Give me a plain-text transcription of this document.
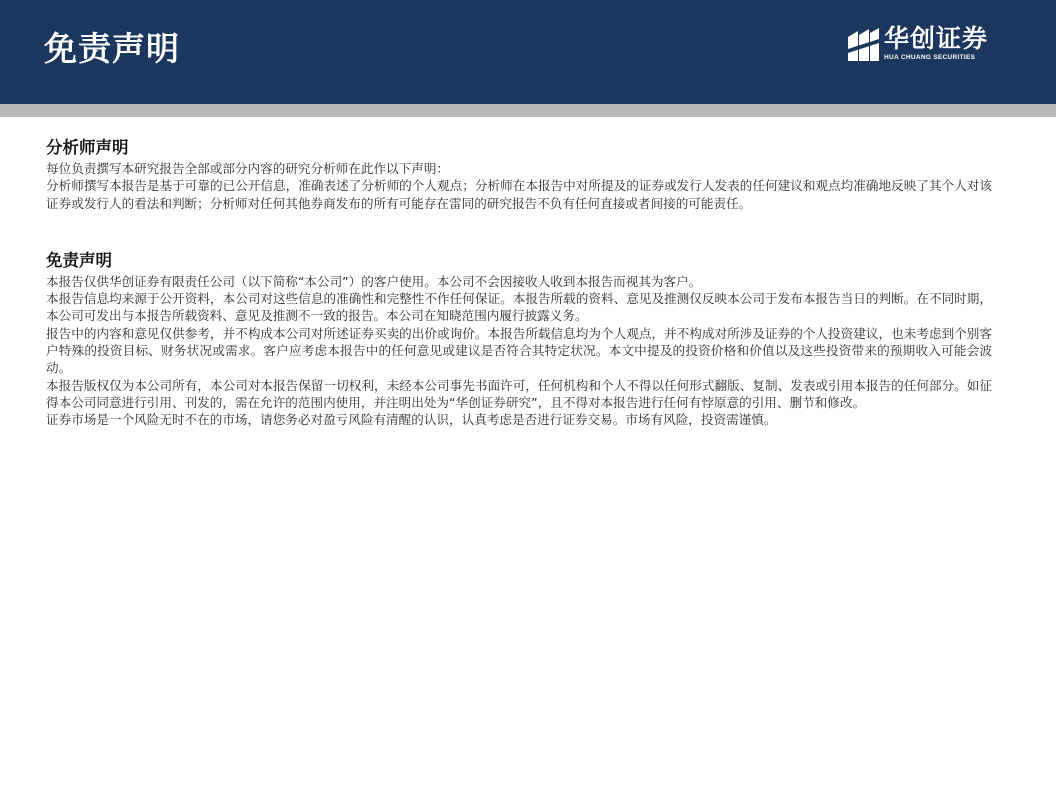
免责声明	华创证券
HUA CHUANG SECURITIES
分析师声明

每位负责撰写本研究报告全部或部分内容的研究分析师在此作以下声明：

分析师撰写本报告是基于可靠的已公开信息，准确表述了分析师的个人观点；分析师在本报告中对所提及的证券或发行人发表的任何建议和观点均准确地反映了其个人对该证券或发行人的看法和判断；分析师对任何其他券商发布的所有可能存在雷同的研究报告不负有任何直接或者间接的可能责任。

免责声明

本报告仅供华创证券有限责任公司（以下简称“本公司”）的客户使用。本公司不会因接收人收到本报告而视其为客户。

本报告信息均来源于公开资料，本公司对这些信息的准确性和完整性不作任何保证。本报告所载的资料、意见及推测仅反映本公司于发布本报告当日的判断。在不同时期，本公司可发出与本报告所载资料、意见及推测不一致的报告。本公司在知晓范围内履行披露义务。

报告中的内容和意见仅供参考，并不构成本公司对所述证券买卖的出价或询价。本报告所载信息均为个人观点，并不构成对所涉及证券的个人投资建议，也未考虑到个别客户特殊的投资目标、财务状况或需求。客户应考虑本报告中的任何意见或建议是否符合其特定状况。本文中提及的投资价格和价值以及这些投资带来的预期收入可能会波动。

本报告版权仅为本公司所有，本公司对本报告保留一切权利，未经本公司事先书面许可，任何机构和个人不得以任何形式翻版、复制、发表或引用本报告的任何部分。如征得本公司同意进行引用、刊发的，需在允许的范围内使用，并注明出处为“华创证券研究”，且不得对本报告进行任何有悖原意的引用、删节和修改。

证券市场是一个风险无时不在的市场，请您务必对盈亏风险有清醒的认识，认真考虑是否进行证券交易。市场有风险，投资需谨慎。
